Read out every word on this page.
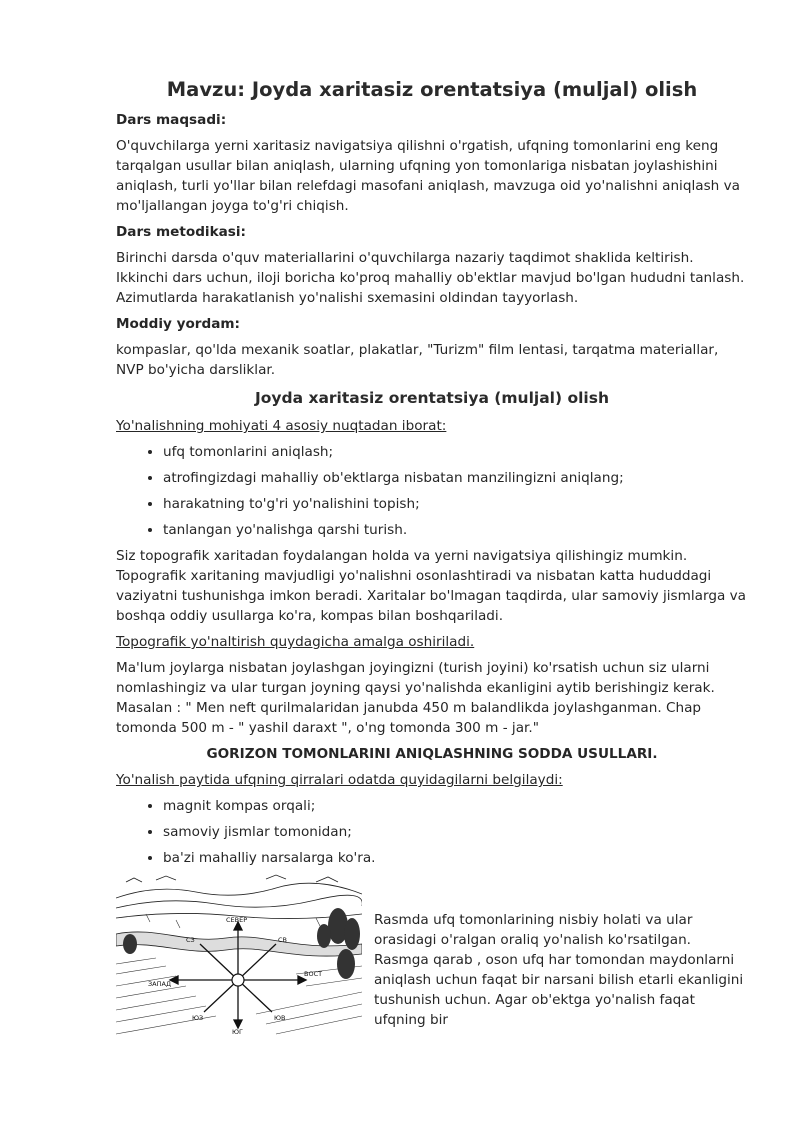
Mavzu: Joyda xaritasiz orentatsiya (muljal) olish
Dars maqsadi:

O'quvchilarga yerni xaritasiz navigatsiya qilishni o'rgatish, ufqning tomonlarini eng keng tarqalgan usullar bilan aniqlash, ularning ufqning yon tomonlariga nisbatan joylashishini aniqlash, turli yo'llar bilan relefdagi masofani aniqlash, mavzuga oid yo'nalishni aniqlash va mo'ljallangan joyga to'g'ri chiqish.

Dars metodikasi:

Birinchi darsda o'quv materiallarini o'quvchilarga nazariy taqdimot shaklida keltirish. Ikkinchi dars uchun, iloji boricha ko'proq mahalliy ob'ektlar mavjud bo'lgan hududni tanlash. Azimutlarda harakatlanish yo'nalishi sxemasini oldindan tayyorlash.

Moddiy yordam:

kompaslar, qo'lda mexanik soatlar, plakatlar, "Turizm" film lentasi, tarqatma materiallar, NVP bo'yicha darsliklar.

Joyda xaritasiz orentatsiya (muljal) olish

Yo'nalishning mohiyati 4 asosiy nuqtadan iborat:

• ufq tomonlarini aniqlash;
• atrofingizdagi mahalliy ob'ektlarga nisbatan manzilingizni aniqlang;
• harakatning to'g'ri yo'nalishini topish;
• tanlangan yo'nalishga qarshi turish.

Siz topografik xaritadan foydalangan holda va yerni navigatsiya qilishingiz mumkin. Topografik xaritaning mavjudligi yo'nalishni osonlashtiradi va nisbatan katta hududdagi vaziyatni tushunishga imkon beradi. Xaritalar bo'lmagan taqdirda, ular samoviy jismlarga va boshqa oddiy usullarga ko'ra, kompas bilan boshqariladi.

Topografik yo'naltirish quydagicha amalga oshiriladi.

Ma'lum joylarga nisbatan joylashgan joyingizni (turish joyini) ko'rsatish uchun siz ularni nomlashingiz va ular turgan joyning qaysi yo'nalishda ekanligini aytib berishingiz kerak. Masalan : " Men neft qurilmalaridan janubda 450 m balandlikda joylashganman. Chap tomonda 500 m - " yashil daraxt ", o'ng tomonda 300 m - jar."

GORIZON TOMONLARINI ANIQLASHNING SODDA USULLARI.

Yo'nalish paytida ufqning qirralari odatda quyidagilarni belgilaydi:

• magnit kompas orqali;
• samoviy jismlar tomonidan;
• ba'zi mahalliy narsalarga ko'ra.
СЕВЕР
СЗ	СВ
ЗАПАД
ВОСТ
ЮЗ
ЮГ
ЮВ
Rasmda ufq tomonlarining nisbiy holati va ular orasidagi o'ralgan oraliq yo'nalish ko'rsatilgan. Rasmga qarab , oson ufq har tomondan maydonlarni aniqlash uchun faqat bir narsani bilish etarli ekanligini tushunish uchun. Agar ob'ektga yo'nalish faqat ufqning bir
